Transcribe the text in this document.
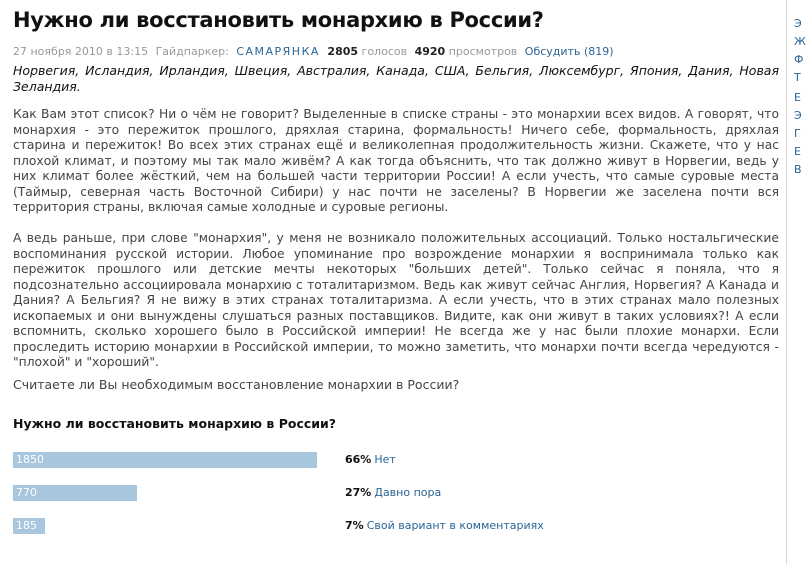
Нужно ли восстановить монархию в России?
27 ноября 2010 в 13:15 Гайдпаркер: САМАРЯНКА 2805 голосов 4920 просмотров Обсудить (819)
Норвегия, Исландия, Ирландия, Швеция, Австралия, Канада, США, Бельгия, Люксембург, Япония, Дания, Новая Зеландия.

Как Вам этот список? Ни о чём не говорит? Выделенные в списке страны - это монархии всех видов. А говорят, что монархия - это пережиток прошлого, дряхлая старина, формальность! Ничего себе, формальность, дряхлая старина и пережиток! Во всех этих странах ещё и великолепная продолжительность жизни. Скажете, что у нас плохой климат, и поэтому мы так мало живём? А как тогда объяснить, что так должно живут в Норвегии, ведь у них климат более жёсткий, чем на большей части территории России! А если учесть, что самые суровые места (Таймыр, северная часть Восточной Сибири) у нас почти не заселены? В Норвегии же заселена почти вся территория страны, включая самые холодные и суровые регионы.

А ведь раньше, при слове "монархия", у меня не возникало положительных ассоциаций. Только ностальгические воспоминания русской истории. Любое упоминание про возрождение монархии я воспринимала только как пережиток прошлого или детские мечты некоторых "больших детей". Только сейчас я поняла, что я подсознательно ассоциировала монархию с тоталитаризмом. Ведь как живут сейчас Англия, Норвегия? А Канада и Дания? А Бельгия? Я не вижу в этих странах тоталитаризма. А если учесть, что в этих странах мало полезных ископаемых и они вынуждены слушаться разных поставщиков. Видите, как они живут в таких условиях?! А если вспомнить, сколько хорошего было в Российской империи! Не всегда же у нас были плохие монархи. Если проследить историю монархии в Российской империи, то можно заметить, что монархи почти всегда чередуются - "плохой" и "хороший".

Считаете ли Вы необходимым восстановление монархии в России?
Нужно ли восстановить монархию в России?
1850	66% Нет
770	27% Давно пора
185	7% Свой вариант в комментариях
Э
Ж
Ф
Т
Е
Э
Г
Е
В
